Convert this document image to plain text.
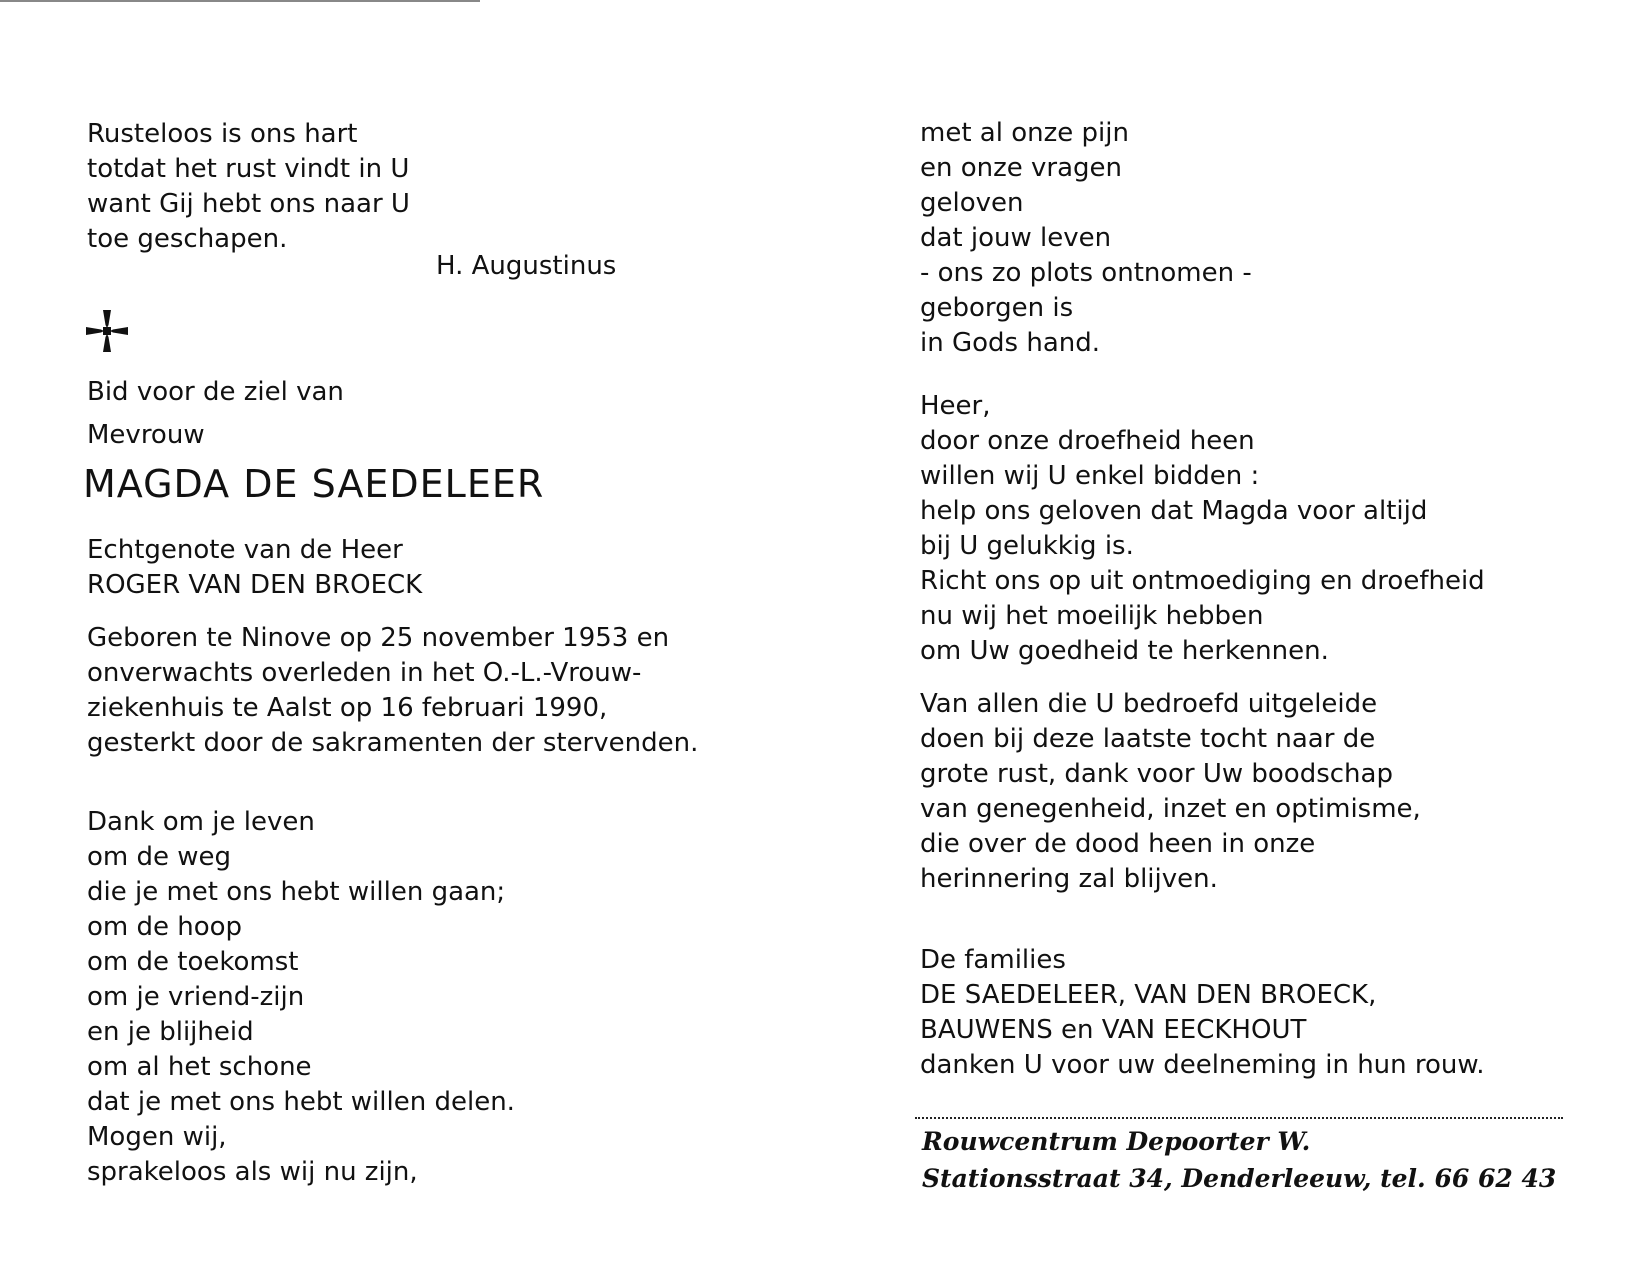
Rusteloos is ons hart
totdat het rust vindt in U
want Gij hebt ons naar U
toe geschapen.
H. Augustinus
Bid voor de ziel van
Mevrouw
MAGDA DE SAEDELEER
Echtgenote van de Heer
ROGER VAN DEN BROECK
Geboren te Ninove op 25 november 1953 en
onverwachts overleden in het O.-L.-Vrouw-
ziekenhuis te Aalst op 16 februari 1990,
gesterkt door de sakramenten der stervenden.
Dank om je leven
om de weg
die je met ons hebt willen gaan;
om de hoop
om de toekomst
om je vriend-zijn
en je blijheid
om al het schone
dat je met ons hebt willen delen.
Mogen wij,
sprakeloos als wij nu zijn,
met al onze pijn
en onze vragen
geloven
dat jouw leven
- ons zo plots ontnomen -
geborgen is
in Gods hand.
Heer,
door onze droefheid heen
willen wij U enkel bidden :
help ons geloven dat Magda voor altijd
bij U gelukkig is.
Richt ons op uit ontmoediging en droefheid
nu wij het moeilijk hebben
om Uw goedheid te herkennen.
Van allen die U bedroefd uitgeleide
doen bij deze laatste tocht naar de
grote rust, dank voor Uw boodschap
van genegenheid, inzet en optimisme,
die over de dood heen in onze
herinnering zal blijven.
De families
DE SAEDELEER, VAN DEN BROECK,
BAUWENS en VAN EECKHOUT
danken U voor uw deelneming in hun rouw.
Rouwcentrum Depoorter W.
Stationsstraat 34, Denderleeuw, tel. 66 62 43
